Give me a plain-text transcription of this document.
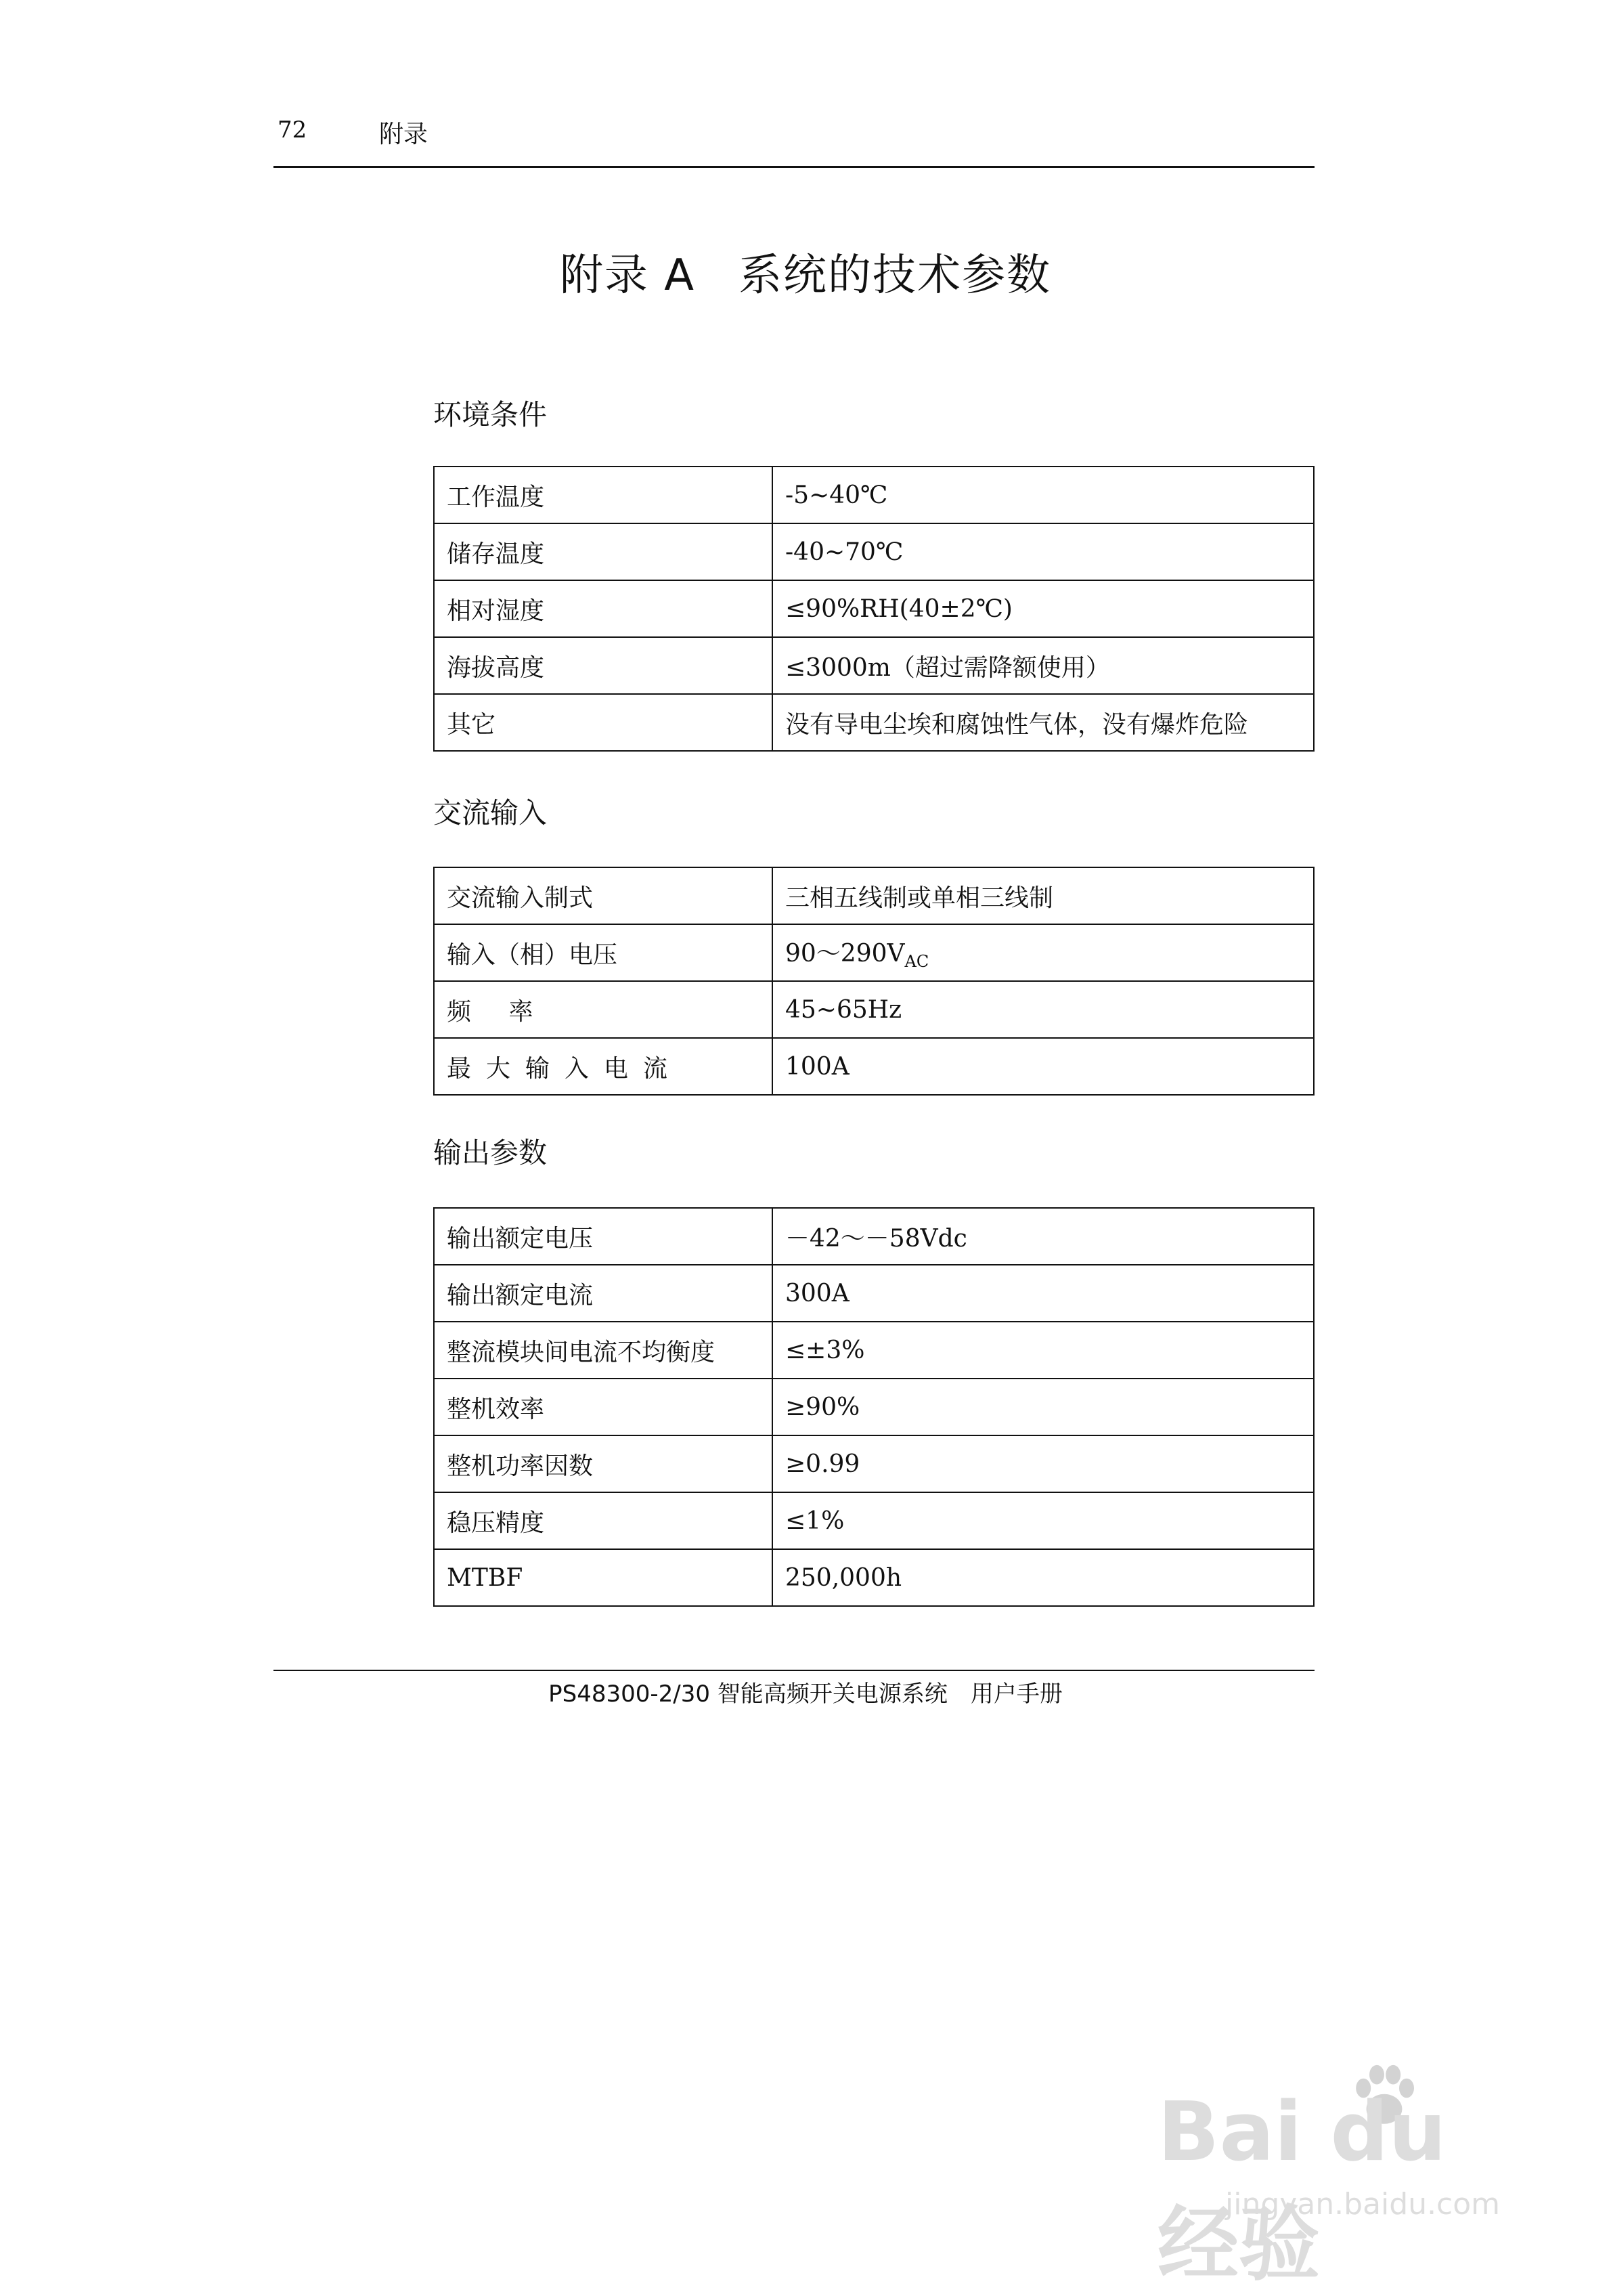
72	附录
附录 A 系统的技术参数
环境条件
工作温度	-5~40℃
储存温度	-40~70℃
相对湿度	≤90%RH(40±2℃)
海拔高度	≤3000m（超过需降额使用）
其它	没有导电尘埃和腐蚀性气体，没有爆炸危险
交流输入
交流输入制式	三相五线制或单相三线制
输入（相）电压	$90\sim 290V_{AC}$
频 率	45~65Hz
最大输入电流	100A
输出参数
输出额定电压	－42～－58Vdc
输出额定电流	300A
整流模块间电流不均衡度	≤±3%
整机效率	≥90%
整机功率因数	≥0.99
稳压精度	≤1%
MTBF	250,000h
PS48300-2/30 智能高频开关电源系统　用户手册
Bai du 经验
jingyan.baidu.com
